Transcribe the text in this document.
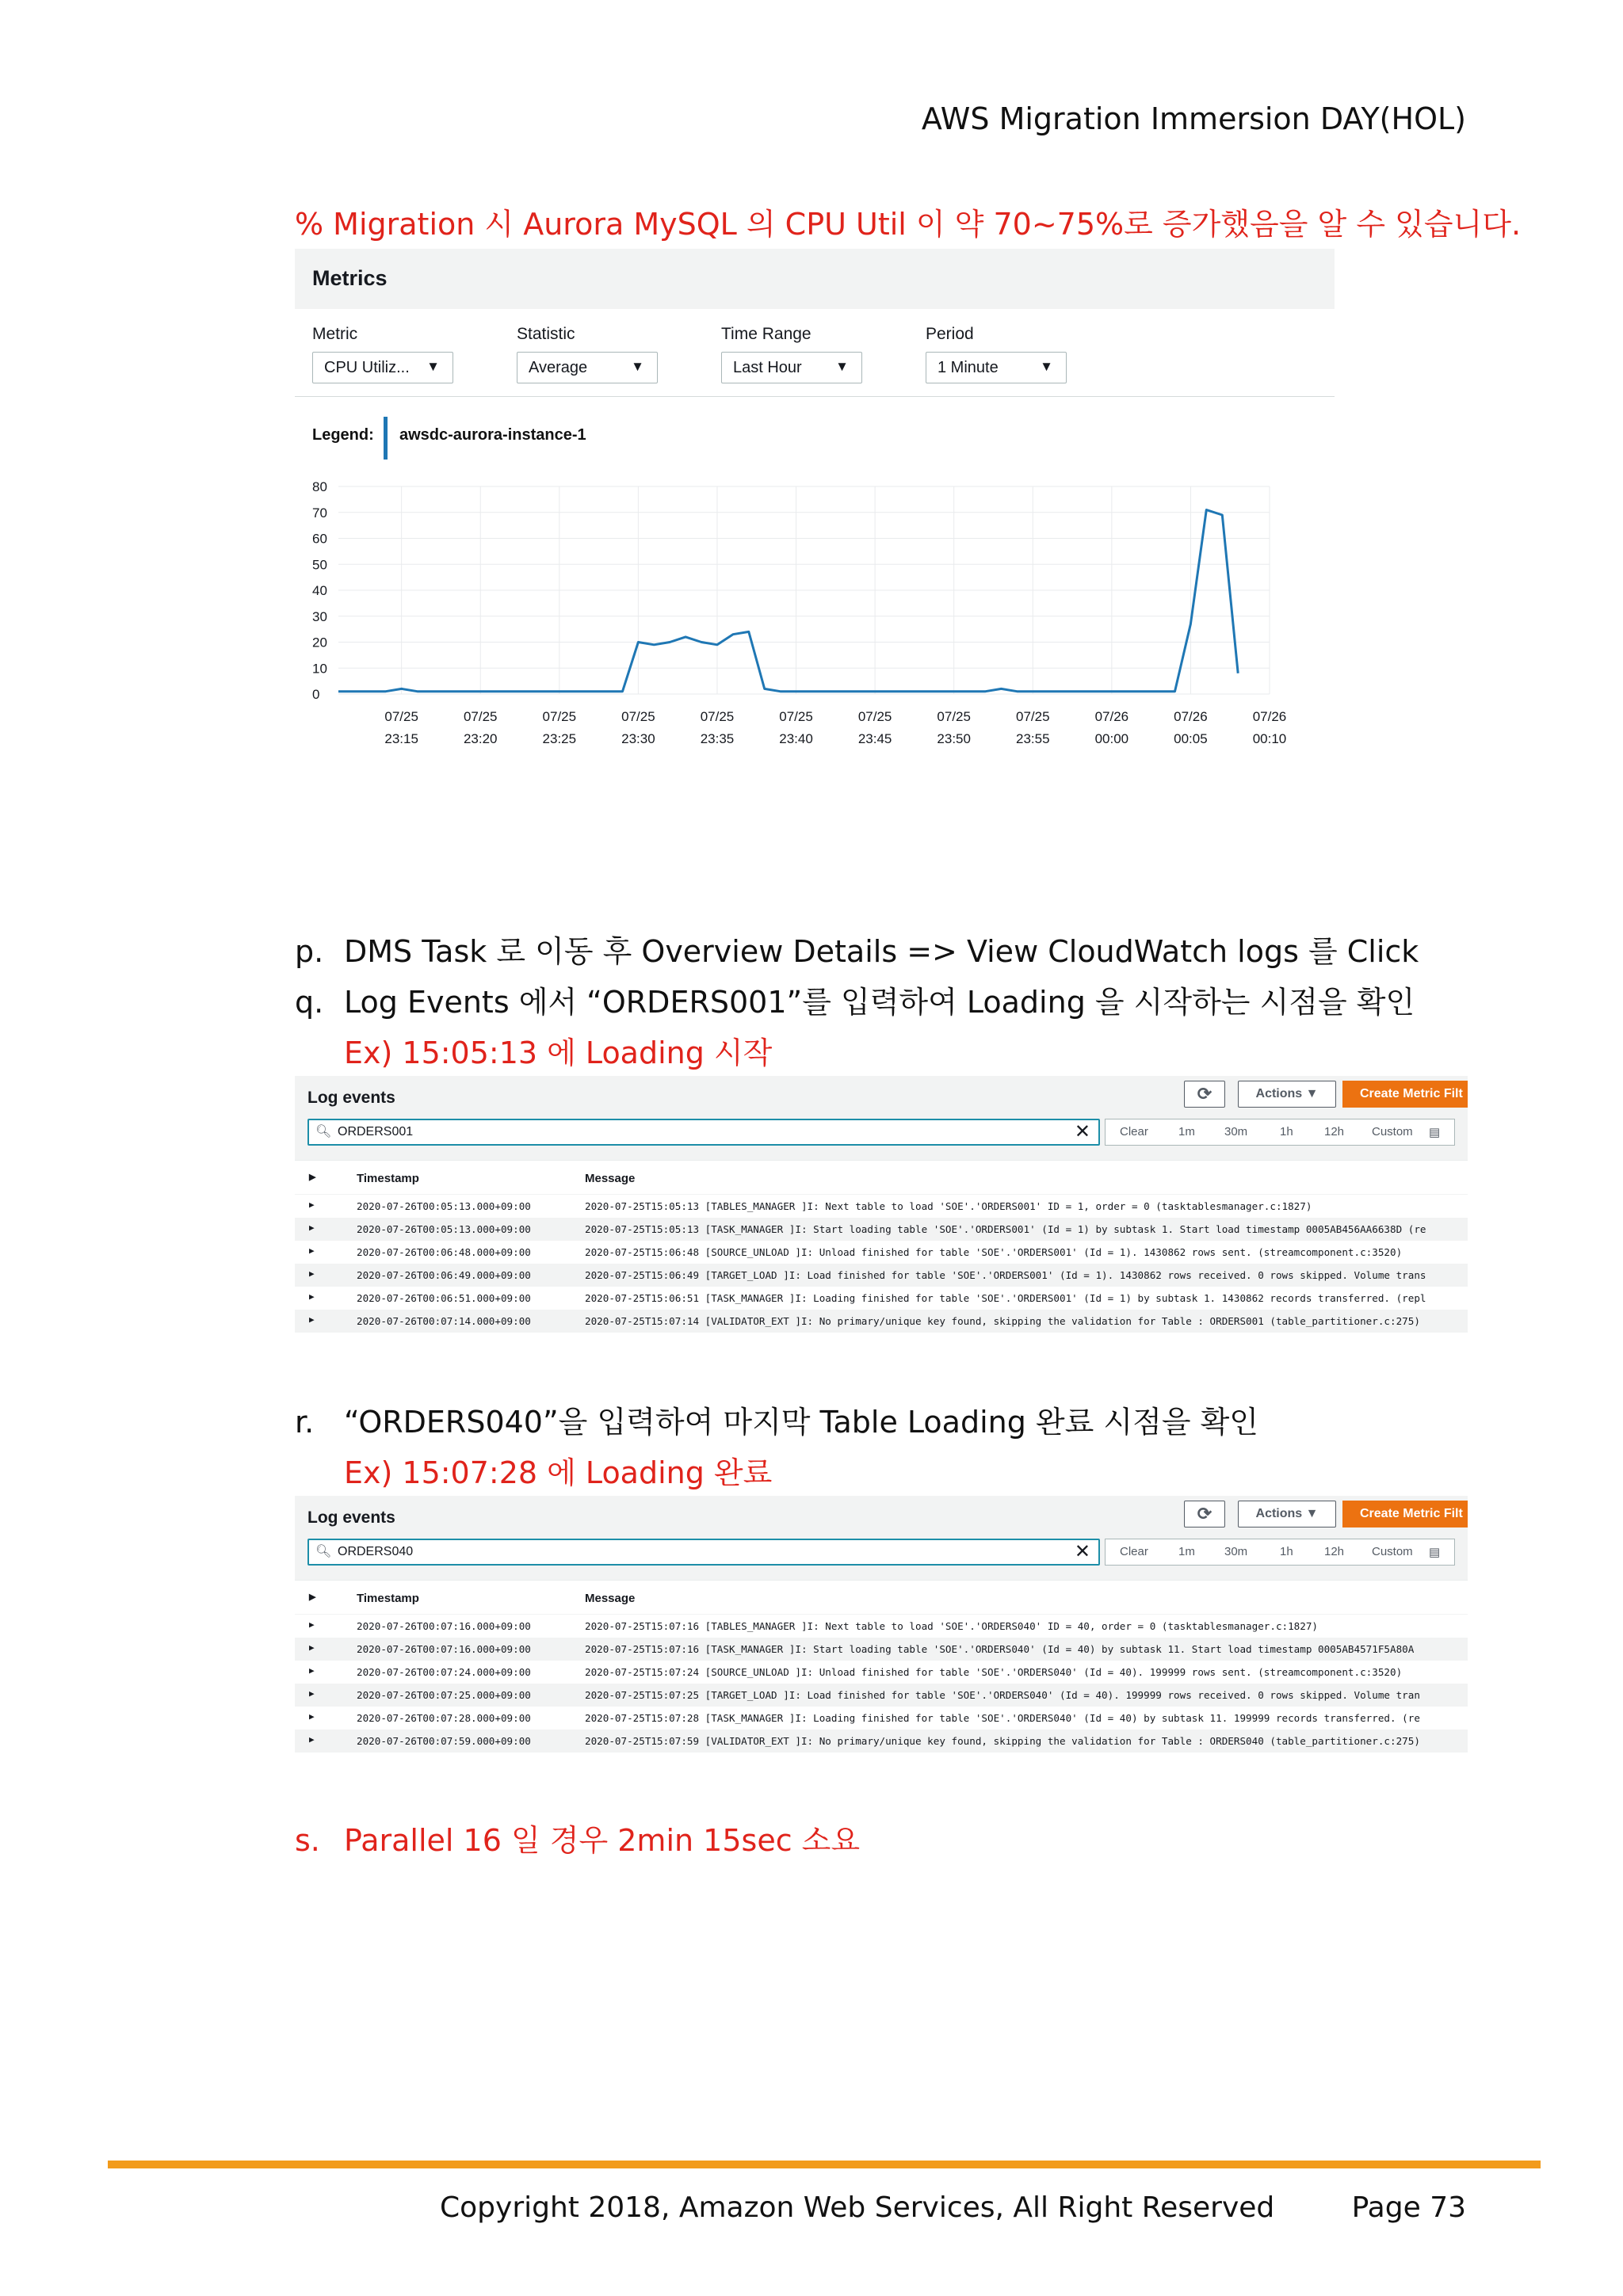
AWS Migration Immersion DAY(HOL)
% Migration 시 Aurora MySQL 의 CPU Util 이 약 70~75%로 증가했음을 알 수 있습니다.
Metrics
Metric
CPU Utiliz... ▼
Statistic
Average	▼
Time Range
Last Hour ▼
Period
1 Minute	▼
Legend: awsdc-aurora-instance-1
0
10
20
30
40
50
60
70
80
07/25
23:15
07/25
23:20
07/25
23:25
07/25
23:30
07/25
23:35
07/25
23:40
07/25
23:45
07/25
23:50
07/25
23:55
07/26
00:00
07/26
00:05
07/26
00:10
p. DMS Task 로 이동 후 Overview Details => View CloudWatch logs 를 Click
q. Log Events 에서 “ORDERS001”를 입력하여 Loading 을 시작하는 시점을 확인
Ex) 15:05:13 에 Loading 시작
Log events	⟳	Actions ▼	Create Metric Filt
🔍︎ ORDERS001	✕ Clear	1m 30m	1h	12h Custom ▤
▶	Timestamp	Message
▶	2020-07-26T00:05:13.000+09:00	2020-07-25T15:05:13 [TABLES_MANAGER ]I: Next table to load 'SOE'.'ORDERS001' ID = 1, order = 0 (tasktablesmanager.c:1827)
▶	2020-07-26T00:05:13.000+09:00	2020-07-25T15:05:13 [TASK_MANAGER ]I: Start loading table 'SOE'.'ORDERS001' (Id = 1) by subtask 1. Start load timestamp 0005AB456AA6638D (re
▶	2020-07-26T00:06:48.000+09:00	2020-07-25T15:06:48 [SOURCE_UNLOAD ]I: Unload finished for table 'SOE'.'ORDERS001' (Id = 1). 1430862 rows sent. (streamcomponent.c:3520)
▶	2020-07-26T00:06:49.000+09:00	2020-07-25T15:06:49 [TARGET_LOAD ]I: Load finished for table 'SOE'.'ORDERS001' (Id = 1). 1430862 rows received. 0 rows skipped. Volume trans
▶	2020-07-26T00:06:51.000+09:00	2020-07-25T15:06:51 [TASK_MANAGER ]I: Loading finished for table 'SOE'.'ORDERS001' (Id = 1) by subtask 1. 1430862 records transferred. (repl
▶	2020-07-26T00:07:14.000+09:00	2020-07-25T15:07:14 [VALIDATOR_EXT ]I: No primary/unique key found, skipping the validation for Table : ORDERS001 (table_partitioner.c:275)
r. “ORDERS040”을 입력하여 마지막 Table Loading 완료 시점을 확인
Ex) 15:07:28 에 Loading 완료
Log events	⟳	Actions ▼	Create Metric Filt
🔍︎ ORDERS040	✕ Clear	1m 30m	1h	12h Custom ▤
▶	Timestamp	Message
▶	2020-07-26T00:07:16.000+09:00	2020-07-25T15:07:16 [TABLES_MANAGER ]I: Next table to load 'SOE'.'ORDERS040' ID = 40, order = 0 (tasktablesmanager.c:1827)
▶	2020-07-26T00:07:16.000+09:00	2020-07-25T15:07:16 [TASK_MANAGER ]I: Start loading table 'SOE'.'ORDERS040' (Id = 40) by subtask 11. Start load timestamp 0005AB4571F5A80A
▶	2020-07-26T00:07:24.000+09:00	2020-07-25T15:07:24 [SOURCE_UNLOAD ]I: Unload finished for table 'SOE'.'ORDERS040' (Id = 40). 199999 rows sent. (streamcomponent.c:3520)
▶	2020-07-26T00:07:25.000+09:00	2020-07-25T15:07:25 [TARGET_LOAD ]I: Load finished for table 'SOE'.'ORDERS040' (Id = 40). 199999 rows received. 0 rows skipped. Volume tran
▶	2020-07-26T00:07:28.000+09:00	2020-07-25T15:07:28 [TASK_MANAGER ]I: Loading finished for table 'SOE'.'ORDERS040' (Id = 40) by subtask 11. 199999 records transferred. (re
▶	2020-07-26T00:07:59.000+09:00	2020-07-25T15:07:59 [VALIDATOR_EXT ]I: No primary/unique key found, skipping the validation for Table : ORDERS040 (table_partitioner.c:275)
s. Parallel 16 일 경우 2min 15sec 소요
Copyright 2018, Amazon Web Services, All Right Reserved	Page 73
